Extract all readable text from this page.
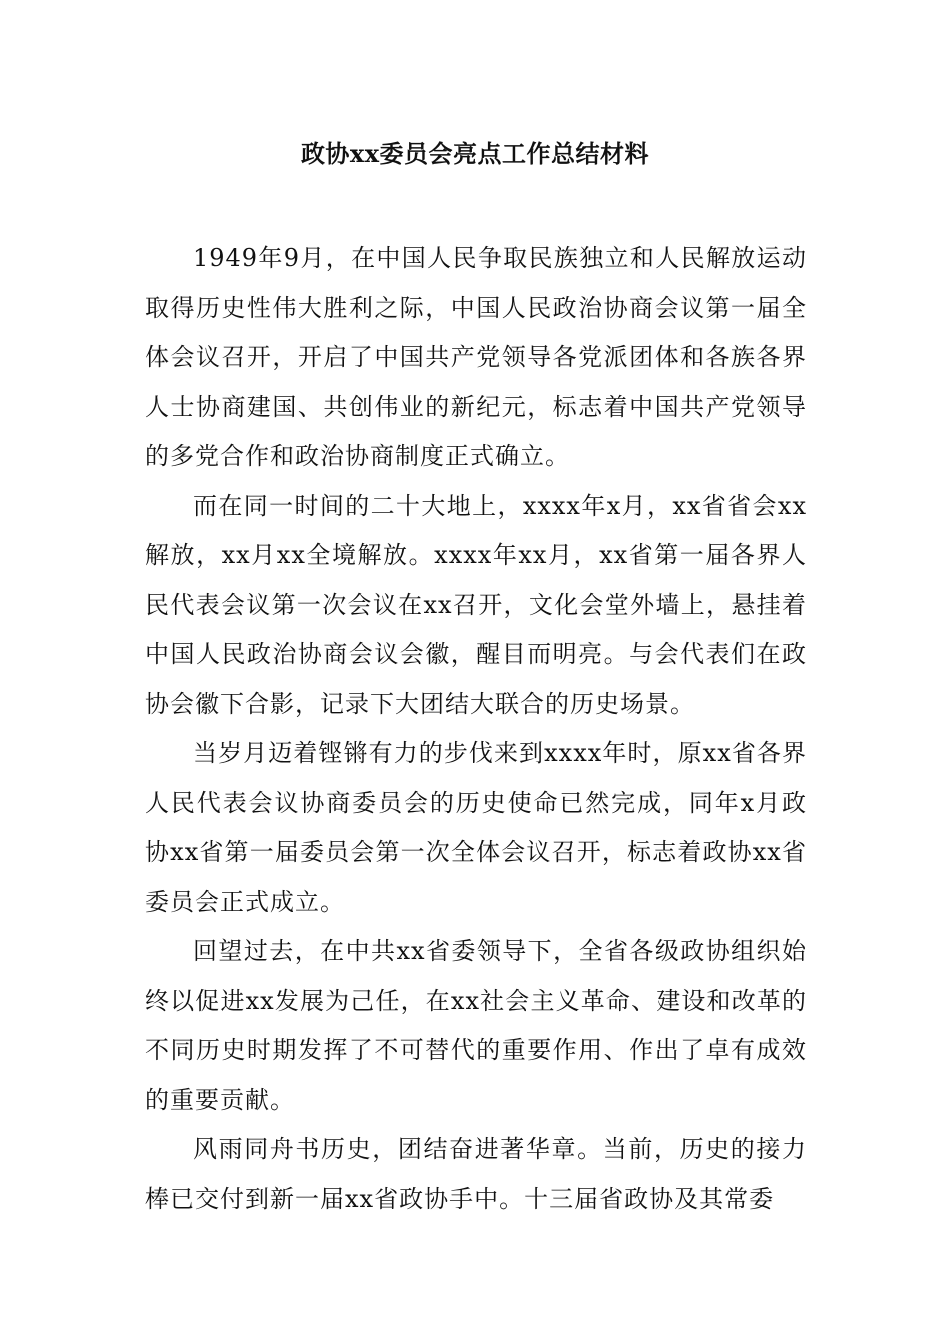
政协xx委员会亮点工作总结材料

1949年9月，在中国人民争取民族独立和人民解放运动取得历史性伟大胜利之际，中国人民政治协商会议第一届全体会议召开，开启了中国共产党领导各党派团体和各族各界人士协商建国、共创伟业的新纪元，标志着中国共产党领导的多党合作和政治协商制度正式确立。

而在同一时间的二十大地上，xxxx年x月，xx省省会xx解放，xx月xx全境解放。xxxx年xx月，xx省第一届各界人民代表会议第一次会议在xx召开，文化会堂外墙上，悬挂着中国人民政治协商会议会徽，醒目而明亮。与会代表们在政协会徽下合影，记录下大团结大联合的历史场景。

当岁月迈着铿锵有力的步伐来到xxxx年时，原xx省各界人民代表会议协商委员会的历史使命已然完成，同年x月政协xx省第一届委员会第一次全体会议召开，标志着政协xx省委员会正式成立。

回望过去，在中共xx省委领导下，全省各级政协组织始终以促进xx发展为己任，在xx社会主义革命、建设和改革的不同历史时期发挥了不可替代的重要作用、作出了卓有成效的重要贡献。

风雨同舟书历史，团结奋进著华章。当前，历史的接力棒已交付到新一届xx省政协手中。十三届省政协及其常委
